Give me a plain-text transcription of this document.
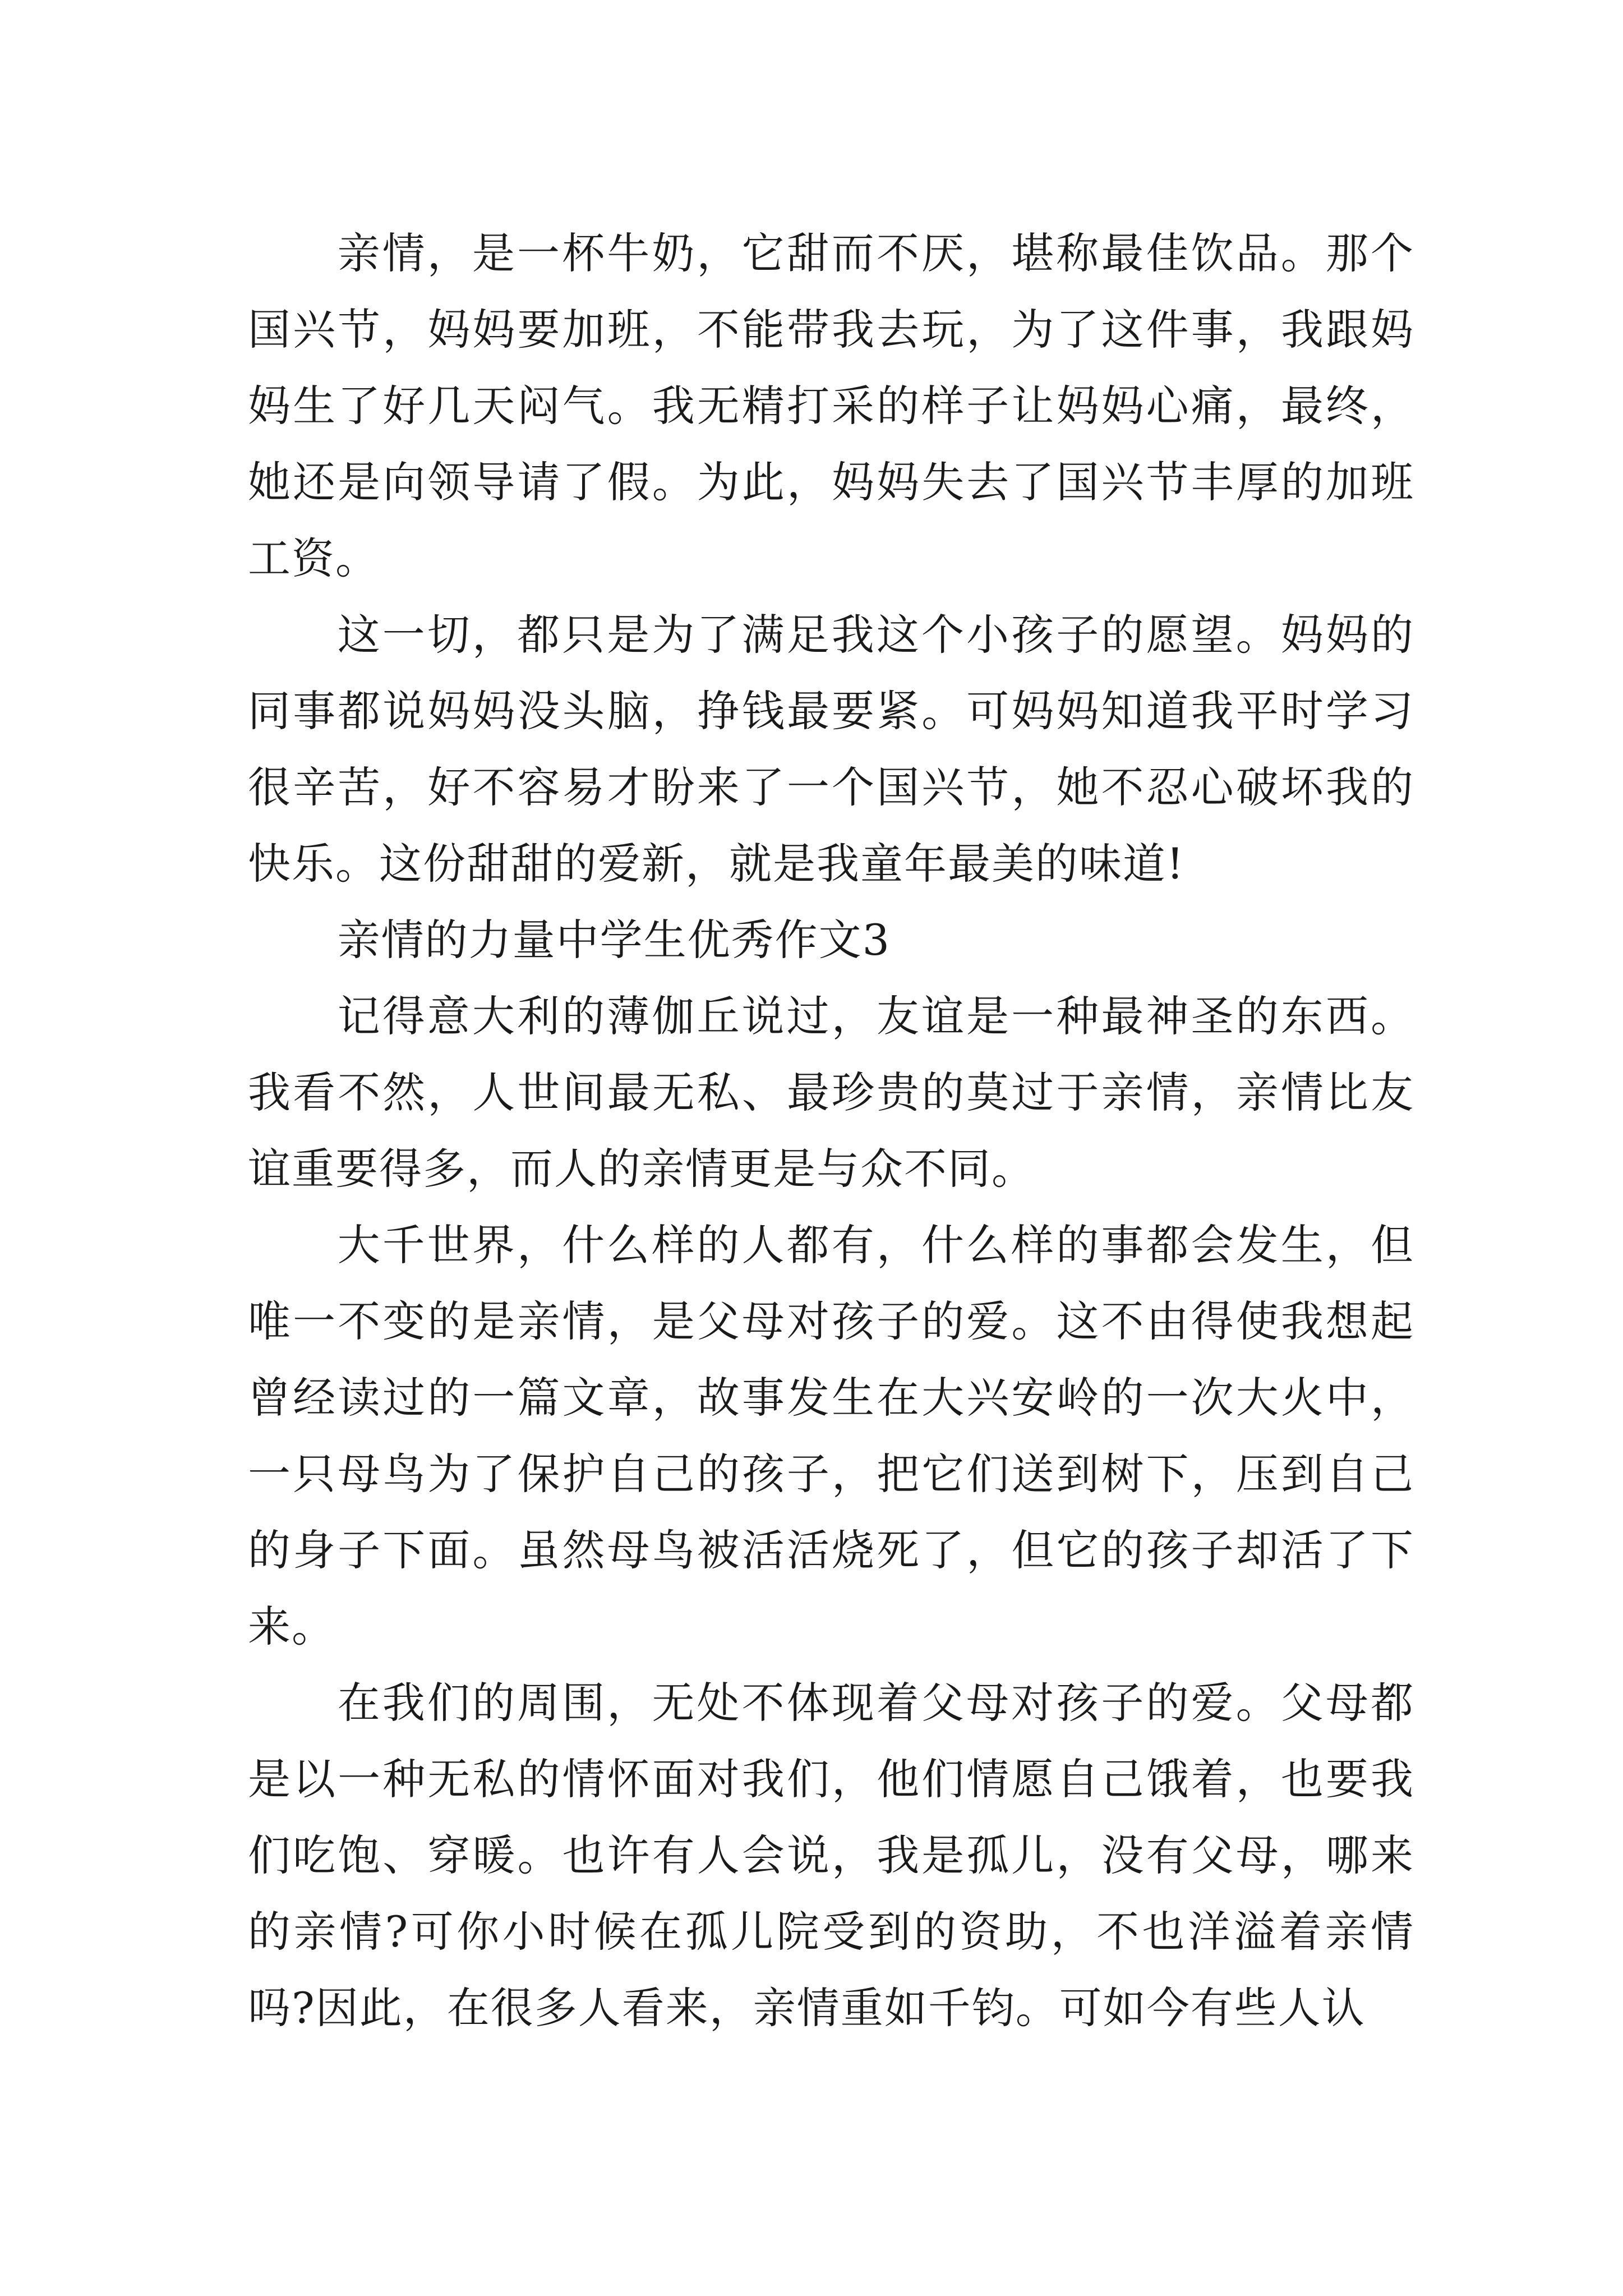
亲情，是一杯牛奶，它甜而不厌，堪称最佳饮品。那个国兴节，妈妈要加班，不能带我去玩，为了这件事，我跟妈妈生了好几天闷气。我无精打采的样子让妈妈心痛，最终，她还是向领导请了假。为此，妈妈失去了国兴节丰厚的加班工资。

这一切，都只是为了满足我这个小孩子的愿望。妈妈的同事都说妈妈没头脑，挣钱最要紧。可妈妈知道我平时学习很辛苦，好不容易才盼来了一个国兴节，她不忍心破坏我的快乐。这份甜甜的爱新，就是我童年最美的味道!

亲情的力量中学生优秀作文3

记得意大利的薄伽丘说过，友谊是一种最神圣的东西。我看不然，人世间最无私、最珍贵的莫过于亲情，亲情比友谊重要得多，而人的亲情更是与众不同。

大千世界，什么样的人都有，什么样的事都会发生，但唯一不变的是亲情，是父母对孩子的爱。这不由得使我想起曾经读过的一篇文章，故事发生在大兴安岭的一次大火中，一只母鸟为了保护自己的孩子，把它们送到树下，压到自己的身子下面。虽然母鸟被活活烧死了，但它的孩子却活了下来。

在我们的周围，无处不体现着父母对孩子的爱。父母都是以一种无私的情怀面对我们，他们情愿自己饿着，也要我们吃饱、穿暖。也许有人会说，我是孤儿，没有父母，哪来的亲情?可你小时候在孤儿院受到的资助，不也洋溢着亲情吗?因此，在很多人看来，亲情重如千钧。可如今有些人认
